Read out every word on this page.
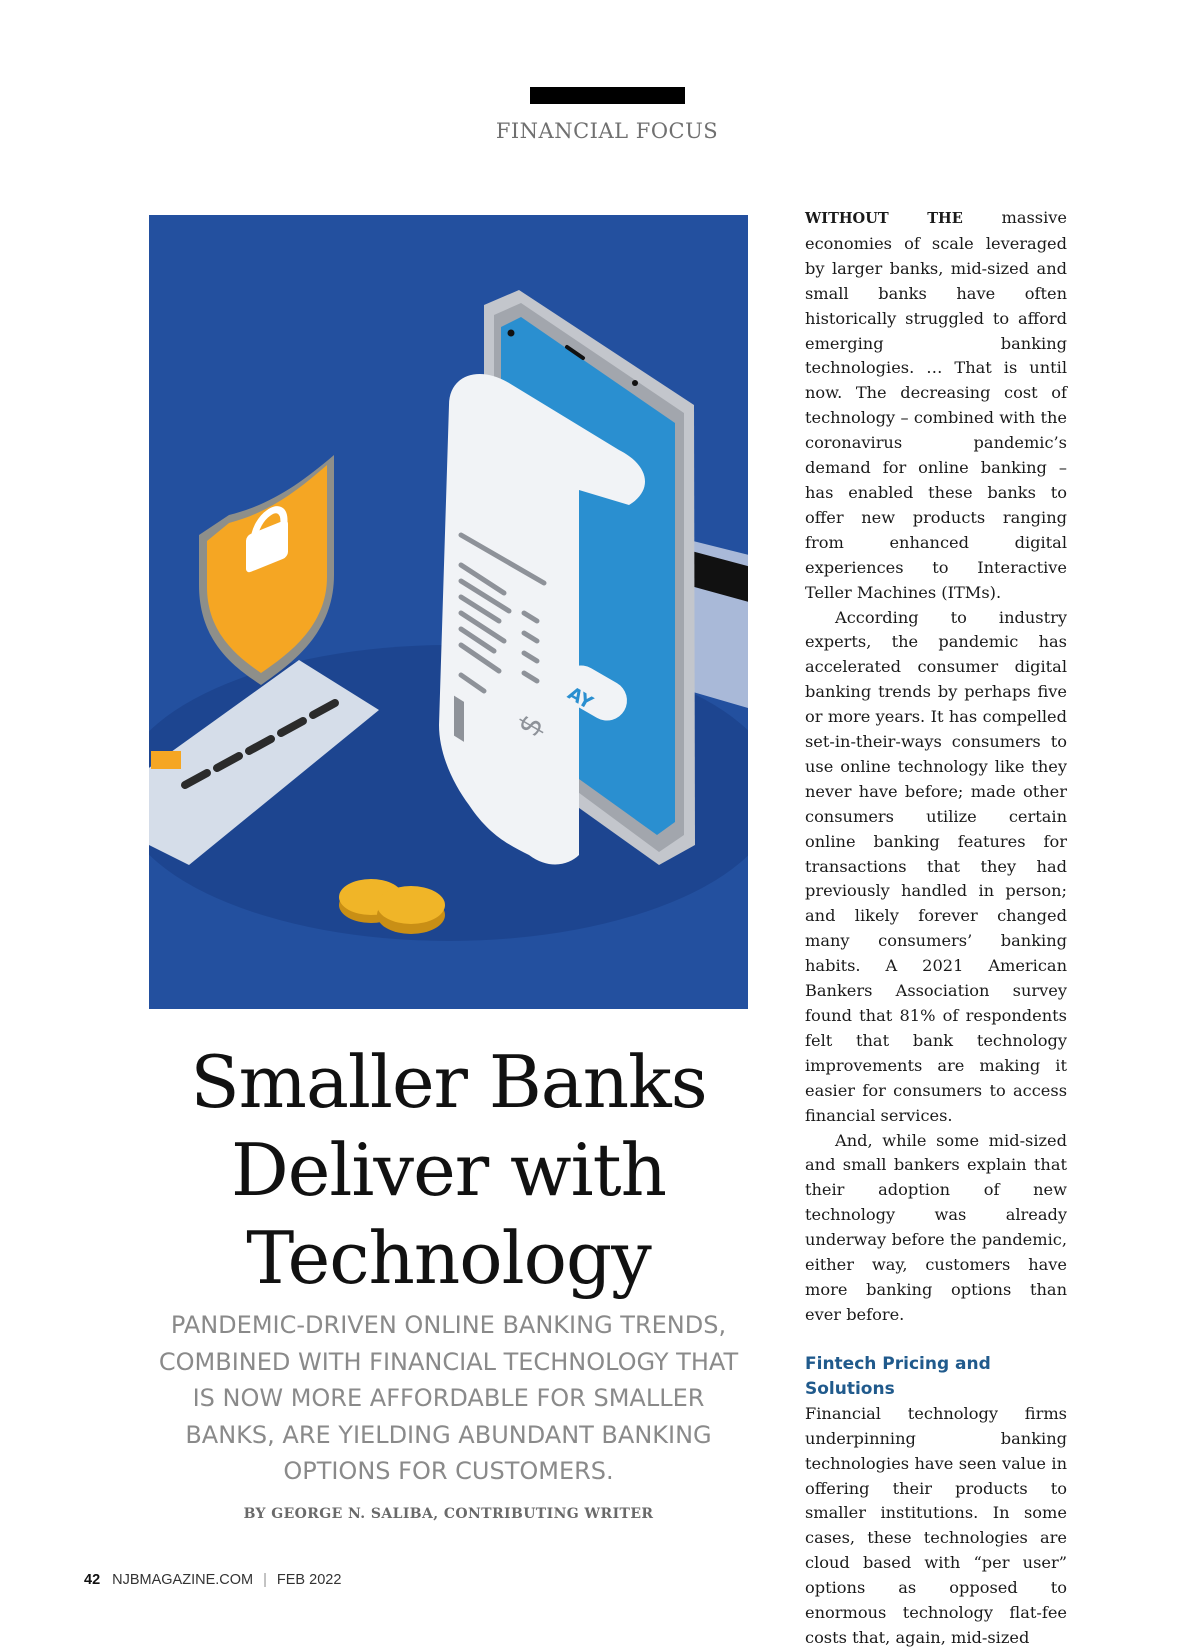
FINANCIAL FOCUS
$
AY
Smaller Banks Deliver with Technology

PANDEMIC-DRIVEN ONLINE BANKING TRENDS, COMBINED WITH FINANCIAL TECHNOLOGY THAT IS NOW MORE AFFORDABLE FOR SMALLER BANKS, ARE YIELDING ABUNDANT BANKING OPTIONS FOR CUSTOMERS.

BY GEORGE N. SALIBA, CONTRIBUTING WRITER

WITHOUT THE massive economies of scale leveraged by larger banks, mid-sized and small banks have often historically struggled to afford emerging banking technologies. … That is until now. The decreasing cost of technology – combined with the coronavirus pandemic’s demand for online banking – has enabled these banks to offer new products ranging from enhanced digital experiences to Interactive Teller Machines (ITMs).

According to industry experts, the pandemic has accelerated consumer digital banking trends by perhaps five or more years. It has compelled set-in-their-ways consumers to use online technology like they never have before; made other consumers utilize certain online banking features for transactions that they had previously handled in person; and likely forever changed many consumers’ banking habits. A 2021 American Bankers Association survey found that 81% of respondents felt that bank technology improvements are making it easier for consumers to access financial services.

And, while some mid-sized and small bankers explain that their adoption of new technology was already underway before the pandemic, either way, customers have more banking options than ever before.

Fintech Pricing and Solutions

Financial technology firms underpinning banking technologies have seen value in offering their products to smaller institutions. In some cases, these technologies are cloud based with “per user” options as opposed to enormous technology flat-fee costs that, again, mid-sized

42 NJBMAGAZINE.COM | FEB 2022
